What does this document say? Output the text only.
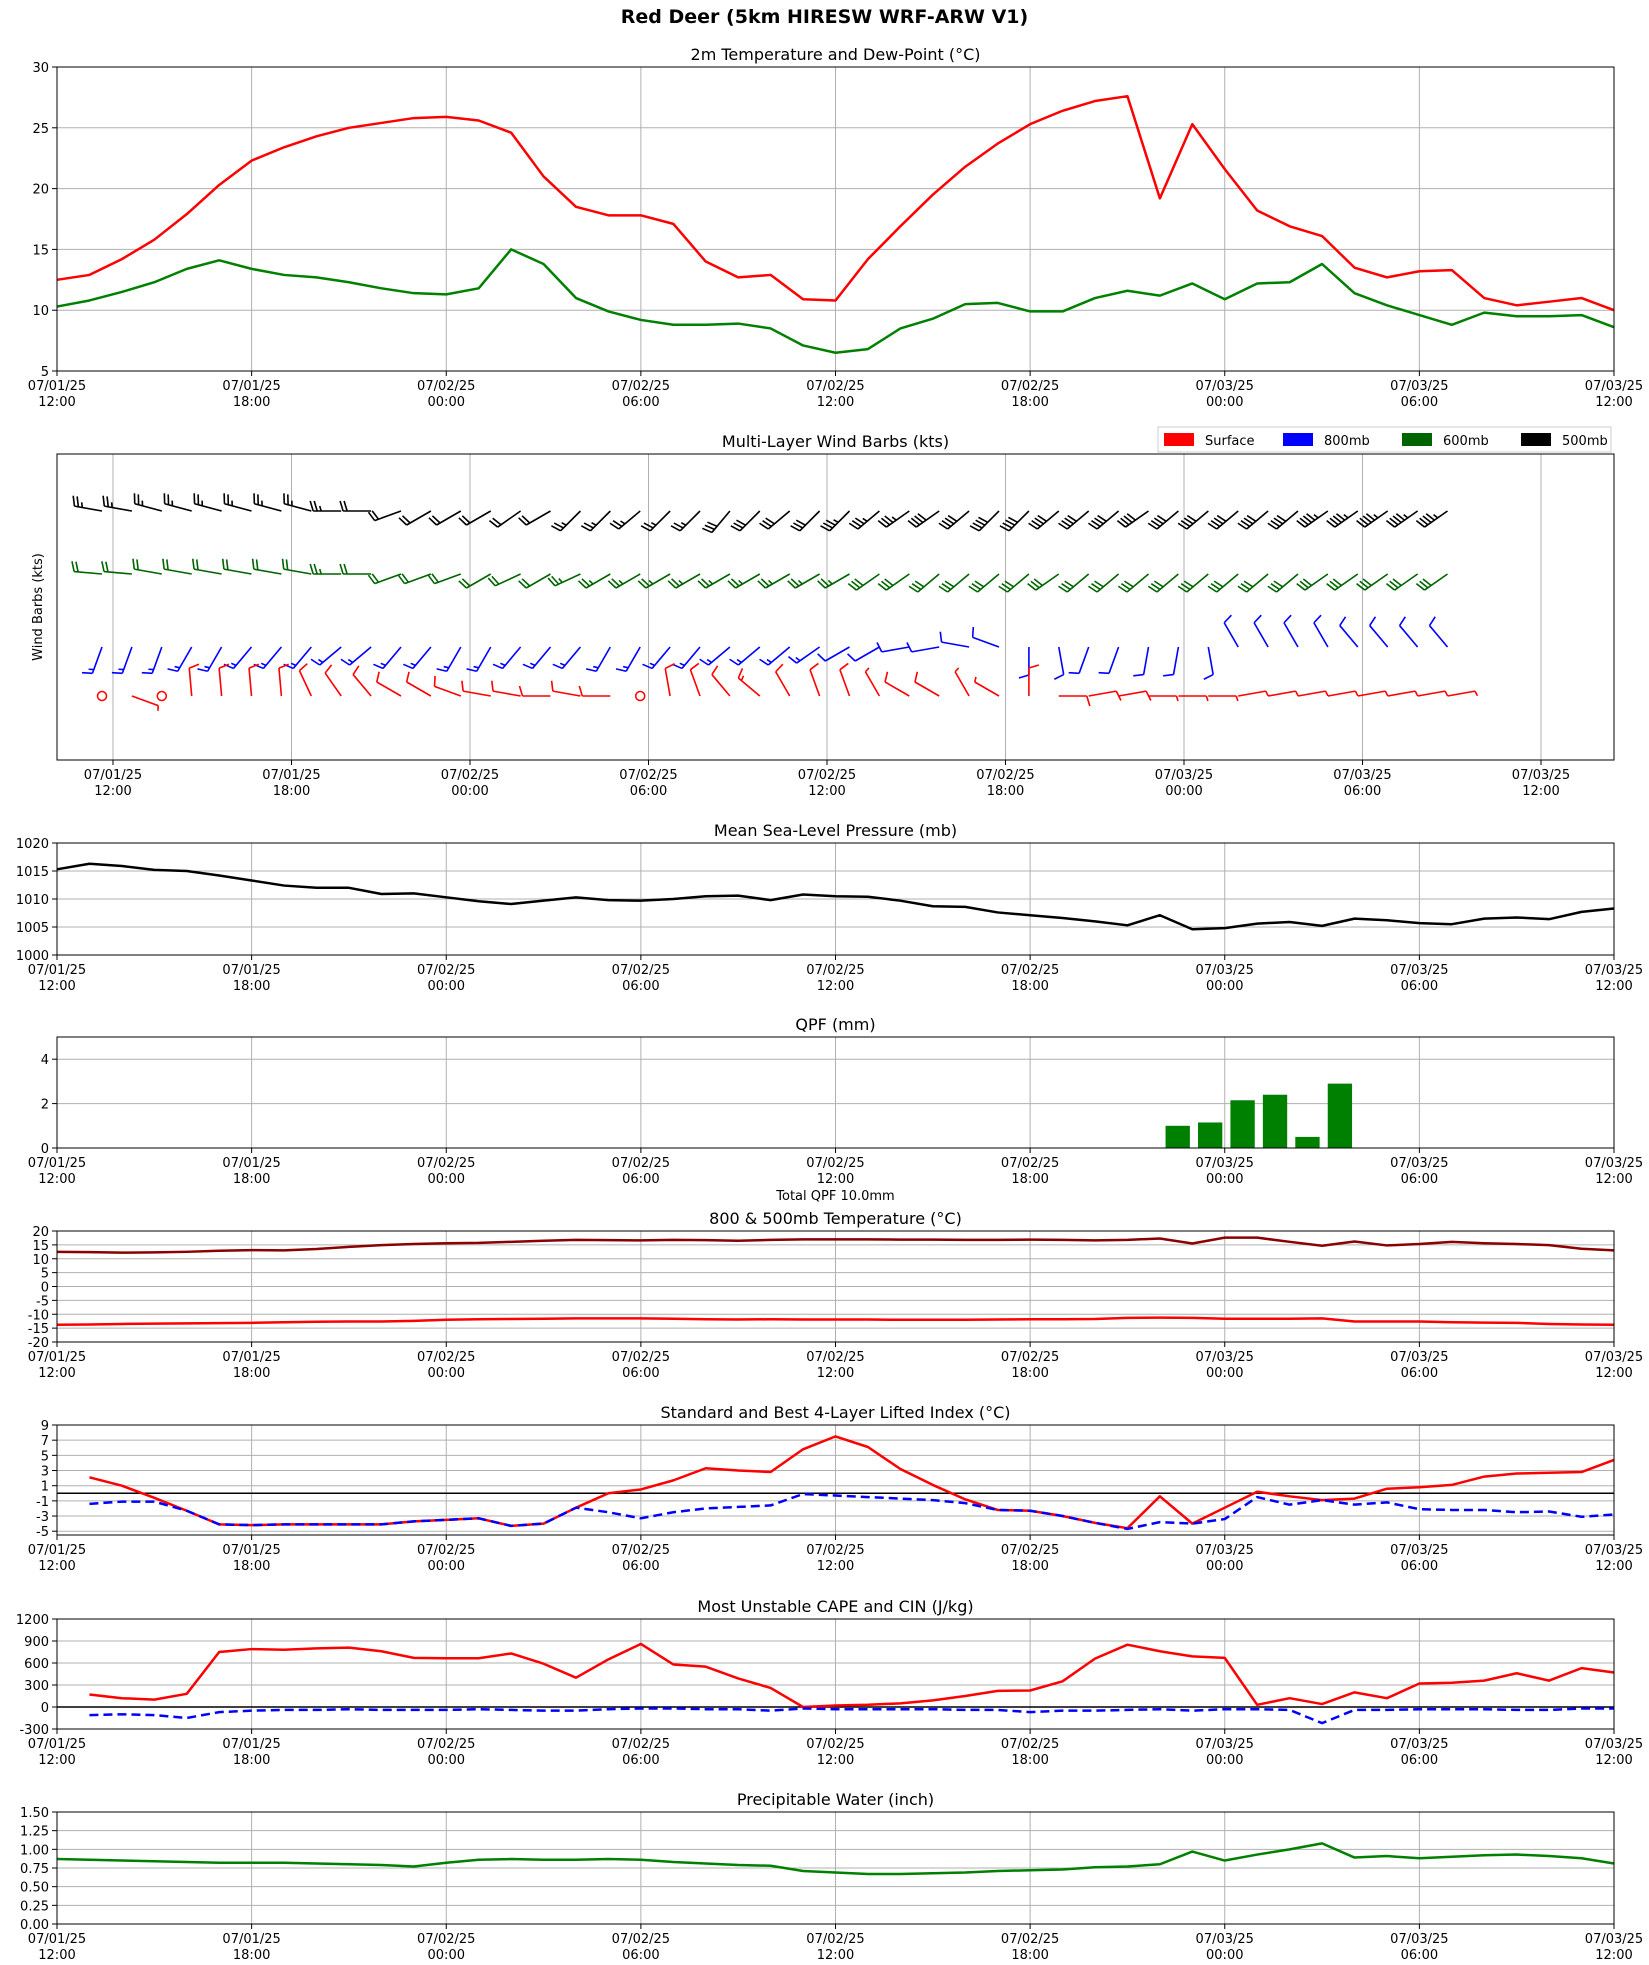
Red Deer (5km HIRESW WRF-ARW V1)
2m Temperature and Dew-Point (°C)
5
10
15
20
25
30
07/01/25
12:00
07/01/25
18:00
07/02/25
00:00
07/02/25
06:00
07/02/25
12:00
07/02/25
18:00
07/03/25
00:00
07/03/25
06:00
07/03/25
12:00
Multi-Layer Wind Barbs (kts)
Wind Barbs (kts)
Surface	800mb	600mb	500mb
07/01/25
12:00
07/01/25
18:00
07/02/25
00:00
07/02/25
06:00
07/02/25
12:00
07/02/25
18:00
07/03/25
00:00
07/03/25
06:00
07/03/25
12:00
Mean Sea-Level Pressure (mb)
1000
1005
1010
1015
1020
07/01/25
12:00
07/01/25
18:00
07/02/25
00:00
07/02/25
06:00
07/02/25
12:00
07/02/25
18:00
07/03/25
00:00
07/03/25
06:00
07/03/25
12:00
QPF (mm)
0
2
4
07/01/25
12:00
07/01/25
18:00
07/02/25
00:00
07/02/25
06:00
07/02/25
12:00
07/02/25
18:00
07/03/25
00:00
07/03/25
06:00
07/03/25
12:00
Total QPF 10.0mm
800 & 500mb Temperature (°C)
-20
-15
-10
-5
0
5
10
15
20
07/01/25
12:00
07/01/25
18:00
07/02/25
00:00
07/02/25
06:00
07/02/25
12:00
07/02/25
18:00
07/03/25
00:00
07/03/25
06:00
07/03/25
12:00
Standard and Best 4-Layer Lifted Index (°C)
-5
-3
-1
1
3
5
7
9
07/01/25
12:00
07/01/25
18:00
07/02/25
00:00
07/02/25
06:00
07/02/25
12:00
07/02/25
18:00
07/03/25
00:00
07/03/25
06:00
07/03/25
12:00
Most Unstable CAPE and CIN (J/kg)
-300
0
300
600
900
1200
07/01/25
12:00
07/01/25
18:00
07/02/25
00:00
07/02/25
06:00
07/02/25
12:00
07/02/25
18:00
07/03/25
00:00
07/03/25
06:00
07/03/25
12:00
Precipitable Water (inch)
0.00
0.25
0.50
0.75
1.00
1.25
1.50
07/01/25
12:00
07/01/25
18:00
07/02/25
00:00
07/02/25
06:00
07/02/25
12:00
07/02/25
18:00
07/03/25
00:00
07/03/25
06:00
07/03/25
12:00
